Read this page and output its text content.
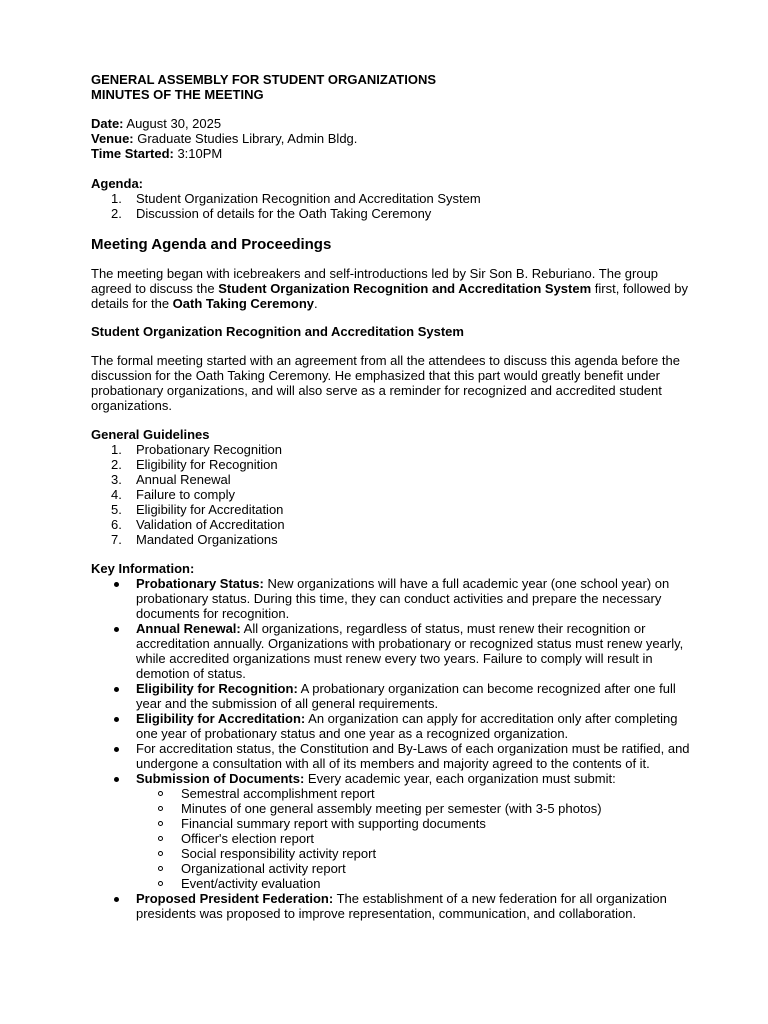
GENERAL ASSEMBLY FOR STUDENT ORGANIZATIONS
MINUTES OF THE MEETING
Date: August 30, 2025
Venue: Graduate Studies Library, Admin Bldg.
Time Started: 3:10PM
Agenda:
1. Student Organization Recognition and Accreditation System
2. Discussion of details for the Oath Taking Ceremony
Meeting Agenda and Proceedings

The meeting began with icebreakers and self-introductions led by Sir Son B. Reburiano. The group agreed to discuss the Student Organization Recognition and Accreditation System first, followed by details for the Oath Taking Ceremony.

Student Organization Recognition and Accreditation System

The formal meeting started with an agreement from all the attendees to discuss this agenda before the discussion for the Oath Taking Ceremony. He emphasized that this part would greatly benefit under probationary organizations, and will also serve as a reminder for recognized and accredited student organizations.

General Guidelines
1. Probationary Recognition
2. Eligibility for Recognition
3. Annual Renewal
4. Failure to comply
5. Eligibility for Accreditation
6. Validation of Accreditation
7. Mandated Organizations
Key Information:
Probationary Status: New organizations will have a full academic year (one school year) on probationary status. During this time, they can conduct activities and prepare the necessary documents for recognition.
Annual Renewal: All organizations, regardless of status, must renew their recognition or accreditation annually. Organizations with probationary or recognized status must renew yearly, while accredited organizations must renew every two years. Failure to comply will result in demotion of status.
Eligibility for Recognition: A probationary organization can become recognized after one full year and the submission of all general requirements.
Eligibility for Accreditation: An organization can apply for accreditation only after completing one year of probationary status and one year as a recognized organization.
For accreditation status, the Constitution and By-Laws of each organization must be ratified, and undergone a consultation with all of its members and majority agreed to the contents of it.
Submission of Documents: Every academic year, each organization must submit:
Semestral accomplishment report
Minutes of one general assembly meeting per semester (with 3-5 photos)
Financial summary report with supporting documents
Officer's election report
Social responsibility activity report
Organizational activity report
Event/activity evaluation
Proposed President Federation: The establishment of a new federation for all organization presidents was proposed to improve representation, communication, and collaboration.
